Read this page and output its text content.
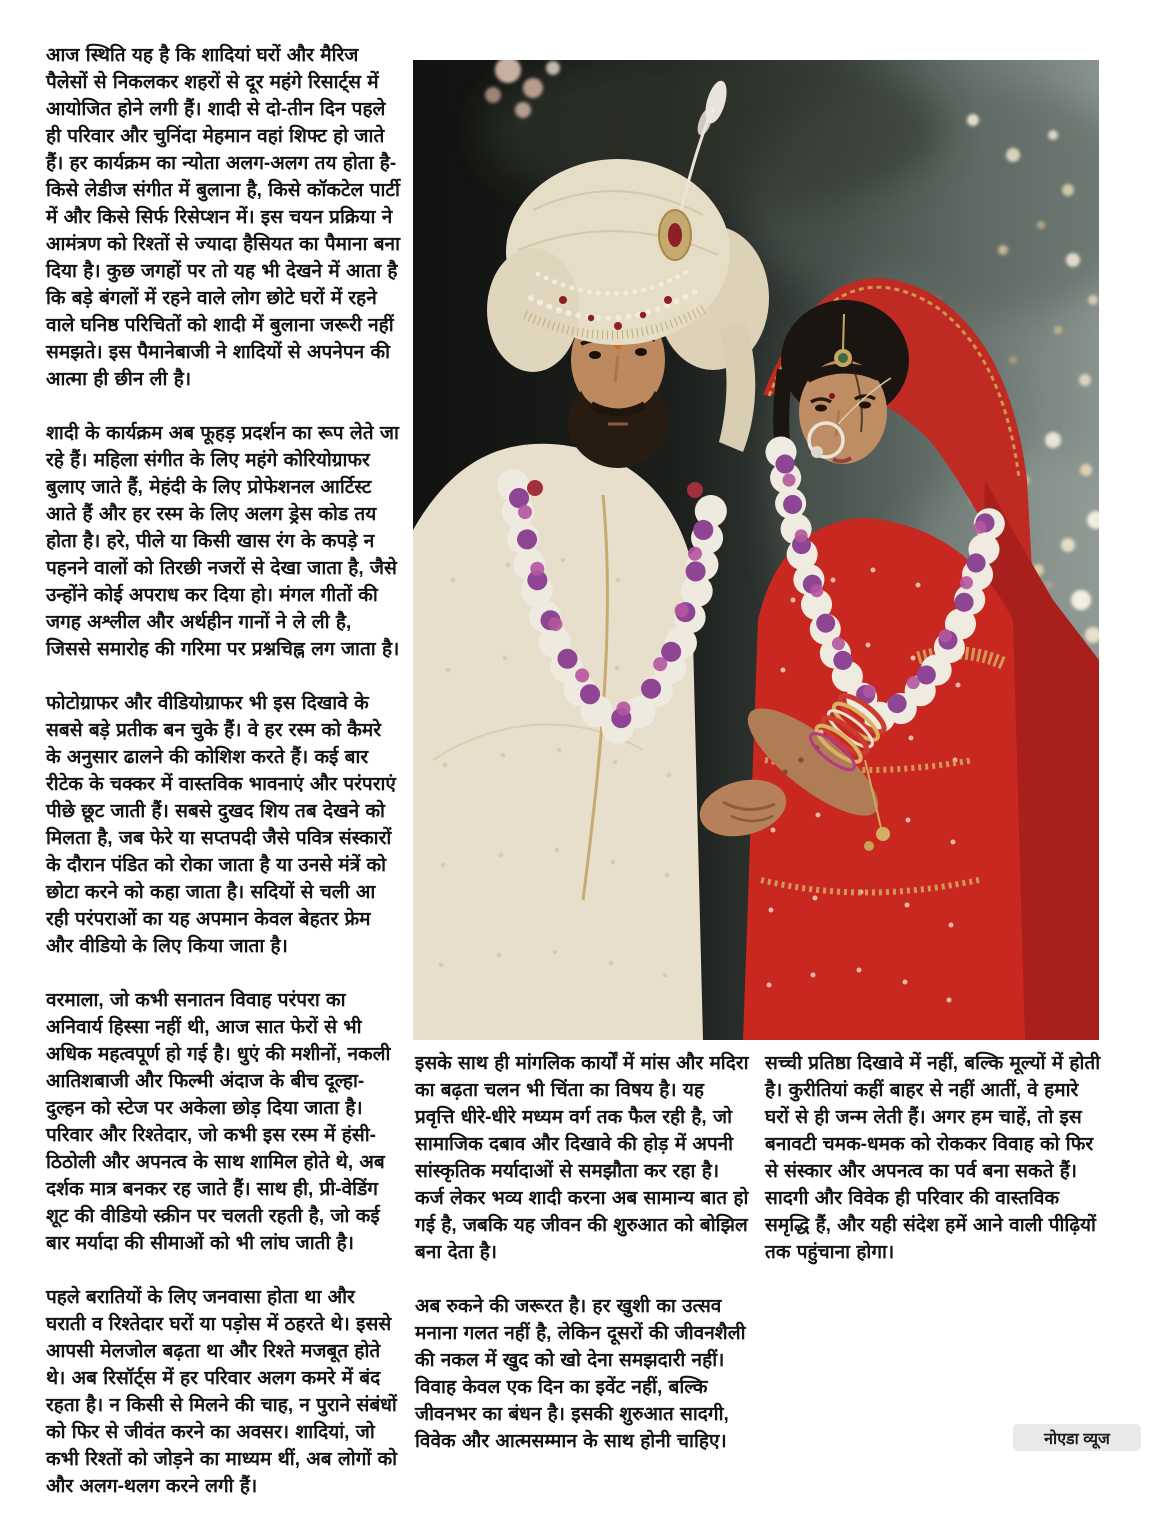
आज स्थिति यह है कि शादियां घरों और मैरिज पैलेसों से निकलकर शहरों से दूर महंगे रिसार्ट्स में आयोजित होने लगी हैं। शादी से दो-तीन दिन पहले ही परिवार और चुनिंदा मेहमान वहां शिफ्ट हो जाते हैं। हर कार्यक्रम का न्योता अलग-अलग तय होता है-किसे लेडीज संगीत में बुलाना है, किसे कॉकटेल पार्टी में और किसे सिर्फ रिसेप्शन में। इस चयन प्रक्रिया ने आमंत्रण को रिश्तों से ज्यादा हैसियत का पैमाना बना दिया है। कुछ जगहों पर तो यह भी देखने में आता है कि बड़े बंगलों में रहने वाले लोग छोटे घरों में रहने वाले घनिष्ठ परिचितों को शादी में बुलाना जरूरी नहीं समझते। इस पैमानेबाजी ने शादियों से अपनेपन की आत्मा ही छीन ली है।

शादी के कार्यक्रम अब फूहड़ प्रदर्शन का रूप लेते जा रहे हैं। महिला संगीत के लिए महंगे कोरियोग्राफर बुलाए जाते हैं, मेहंदी के लिए प्रोफेशनल आर्टिस्ट आते हैं और हर रस्म के लिए अलग ड्रेस कोड तय होता है। हरे, पीले या किसी खास रंग के कपड़े न पहनने वालों को तिरछी नजरों से देखा जाता है, जैसे उन्होंने कोई अपराध कर दिया हो। मंगल गीतों की जगह अश्लील और अर्थहीन गानों ने ले ली है, जिससे समारोह की गरिमा पर प्रश्नचिह्न लग जाता है।

फोटोग्राफर और वीडियोग्राफर भी इस दिखावे के सबसे बड़े प्रतीक बन चुके हैं। वे हर रस्म को कैमरे के अनुसार ढालने की कोशिश करते हैं। कई बार रीटेक के चक्कर में वास्तविक भावनाएं और परंपराएं पीछे छूट जाती हैं। सबसे दुखद शिय तब देखने को मिलता है, जब फेरे या सप्तपदी जैसे पवित्र संस्कारों के दौरान पंडित को रोका जाता है या उनसे मंत्रें को छोटा करने को कहा जाता है। सदियों से चली आ रही परंपराओं का यह अपमान केवल बेहतर फ्रेम और वीडियो के लिए किया जाता है।

वरमाला, जो कभी सनातन विवाह परंपरा का अनिवार्य हिस्सा नहीं थी, आज सात फेरों से भी अधिक महत्वपूर्ण हो गई है। धुएं की मशीनों, नकली आतिशबाजी और फिल्मी अंदाज के बीच दूल्हा-दुल्हन को स्टेज पर अकेला छोड़ दिया जाता है। परिवार और रिश्तेदार, जो कभी इस रस्म में हंसी-ठिठोली और अपनत्व के साथ शामिल होते थे, अब दर्शक मात्र बनकर रह जाते हैं। साथ ही, प्री-वेडिंग शूट की वीडियो स्क्रीन पर चलती रहती है, जो कई बार मर्यादा की सीमाओं को भी लांघ जाती है।

पहले बरातियों के लिए जनवासा होता था और घराती व रिश्तेदार घरों या पड़ोस में ठहरते थे। इससे आपसी मेलजोल बढ़ता था और रिश्ते मजबूत होते थे। अब रिसॉर्ट्स में हर परिवार अलग कमरे में बंद रहता है। न किसी से मिलने की चाह, न पुराने संबंधों को फिर से जीवंत करने का अवसर। शादियां, जो कभी रिश्तों को जोड़ने का माध्यम थीं, अब लोगों को और अलग-थलग करने लगी हैं।

इसके साथ ही मांगलिक कार्यों में मांस और मदिरा का बढ़ता चलन भी चिंता का विषय है। यह प्रवृत्ति धीरे-धीरे मध्यम वर्ग तक फैल रही है, जो सामाजिक दबाव और दिखावे की होड़ में अपनी सांस्कृतिक मर्यादाओं से समझौता कर रहा है। कर्ज लेकर भव्य शादी करना अब सामान्य बात हो गई है, जबकि यह जीवन की शुरुआत को बोझिल बना देता है।

अब रुकने की जरूरत है। हर खुशी का उत्सव मनाना गलत नहीं है, लेकिन दूसरों की जीवनशैली की नकल में खुद को खो देना समझदारी नहीं। विवाह केवल एक दिन का इवेंट नहीं, बल्कि जीवनभर का बंधन है। इसकी शुरुआत सादगी, विवेक और आत्मसम्मान के साथ होनी चाहिए।

सच्ची प्रतिष्ठा दिखावे में नहीं, बल्कि मूल्यों में होती है। कुरीतियां कहीं बाहर से नहीं आतीं, वे हमारे घरों से ही जन्म लेती हैं। अगर हम चाहें, तो इस बनावटी चमक-धमक को रोककर विवाह को फिर से संस्कार और अपनत्व का पर्व बना सकते हैं। सादगी और विवेक ही परिवार की वास्तविक समृद्धि हैं, और यही संदेश हमें आने वाली पीढ़ियों तक पहुंचाना होगा।

नोएडा व्यूज
